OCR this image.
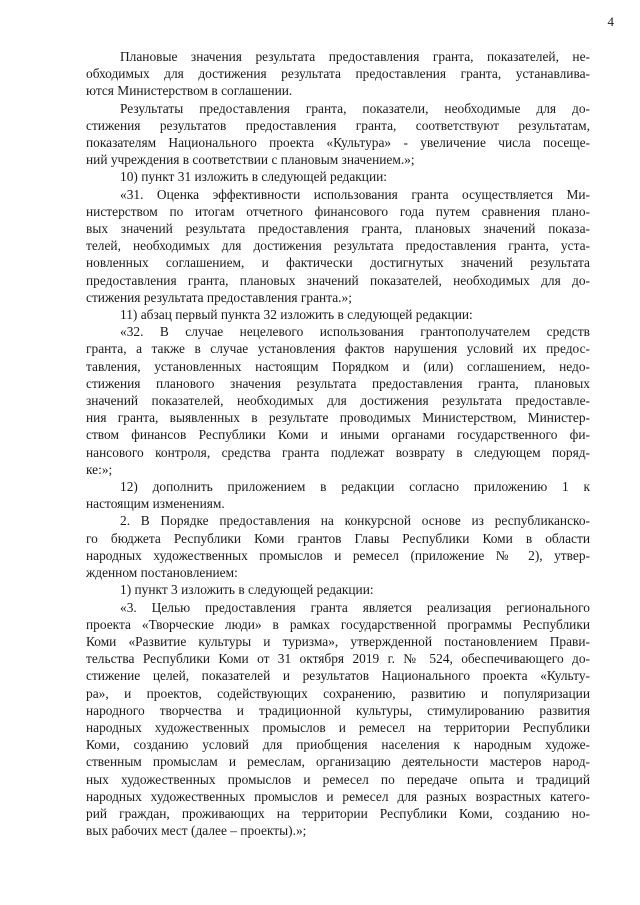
4
Плановые значения результата предоставления гранта, показателей, не-
обходимых для достижения результата предоставления гранта, устанавлива-
ются Министерством в соглашении.
Результаты предоставления гранта, показатели, необходимые для до-
стижения результатов предоставления гранта, соответствуют результатам,
показателям Национального проекта «Культура» - увеличение числа посеще-
ний учреждения в соответствии с плановым значением.»;
10) пункт 31 изложить в следующей редакции:
«31. Оценка эффективности использования гранта осуществляется Ми-
нистерством по итогам отчетного финансового года путем сравнения плано-
вых значений результата предоставления гранта, плановых значений показа-
телей, необходимых для достижения результата предоставления гранта, уста-
новленных соглашением, и фактически достигнутых значений результата
предоставления гранта, плановых значений показателей, необходимых для до-
стижения результата предоставления гранта.»;
11) абзац первый пункта 32 изложить в следующей редакции:
«32. В случае нецелевого использования грантополучателем средств
гранта, а также в случае установления фактов нарушения условий их предос-
тавления, установленных настоящим Порядком и (или) соглашением, недо-
стижения планового значения результата предоставления гранта, плановых
значений показателей, необходимых для достижения результата предоставле-
ния гранта, выявленных в результате проводимых Министерством, Министер-
ством финансов Республики Коми и иными органами государственного фи-
нансового контроля, средства гранта подлежат возврату в следующем поряд-
ке:»;
12) дополнить приложением в редакции согласно приложению 1 к
настоящим изменениям.
2. В Порядке предоставления на конкурсной основе из республиканско-
го бюджета Республики Коми грантов Главы Республики Коми в области
народных художественных промыслов и ремесел (приложение № 2), утвер-
жденном постановлением:
1) пункт 3 изложить в следующей редакции:
«3. Целью предоставления гранта является реализация регионального
проекта «Творческие люди» в рамках государственной программы Республики
Коми «Развитие культуры и туризма», утвержденной постановлением Прави-
тельства Республики Коми от 31 октября 2019 г. № 524, обеспечивающего до-
стижение целей, показателей и результатов Национального проекта «Культу-
ра», и проектов, содействующих сохранению, развитию и популяризации
народного творчества и традиционной культуры, стимулированию развития
народных художественных промыслов и ремесел на территории Республики
Коми, созданию условий для приобщения населения к народным художе-
ственным промыслам и ремеслам, организацию деятельности мастеров народ-
ных художественных промыслов и ремесел по передаче опыта и традиций
народных художественных промыслов и ремесел для разных возрастных катего-
рий граждан, проживающих на территории Республики Коми, созданию но-
вых рабочих мест (далее – проекты).»;
